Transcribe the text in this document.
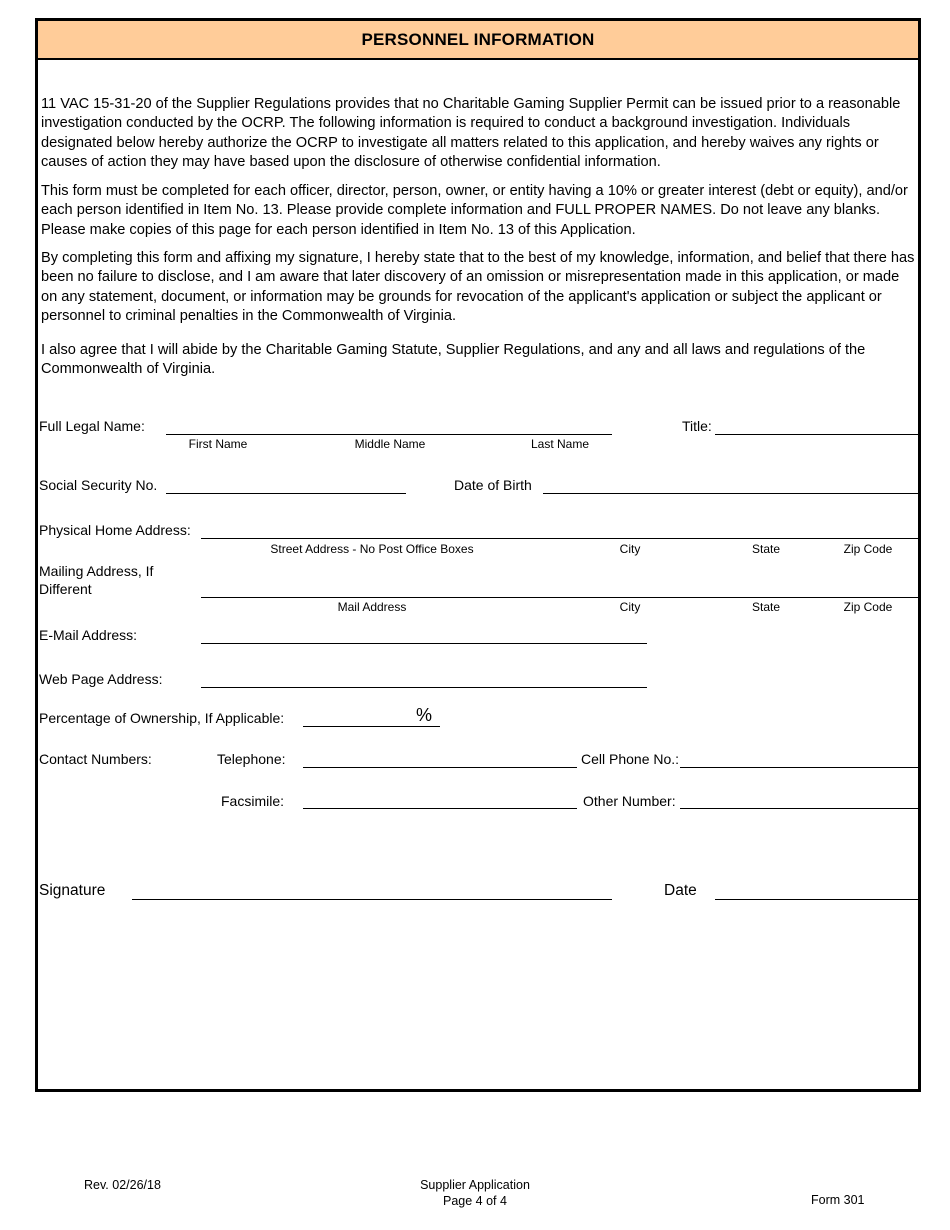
PERSONNEL INFORMATION

11 VAC 15-31-20 of the Supplier Regulations provides that no Charitable Gaming Supplier Permit can be issued prior to a reasonable investigation conducted by the OCRP. The following information is required to conduct a background investigation. Individuals designated below hereby authorize the OCRP to investigate all matters related to this application, and hereby waives any rights or causes of action they may have based upon the disclosure of otherwise confidential information.

This form must be completed for each officer, director, person, owner, or entity having a 10% or greater interest (debt or equity), and/or each person identified in Item No. 13. Please provide complete information and FULL PROPER NAMES. Do not leave any blanks. Please make copies of this page for each person identified in Item No. 13 of this Application.

By completing this form and affixing my signature, I hereby state that to the best of my knowledge, information, and belief that there has been no failure to disclose, and I am aware that later discovery of an omission or misrepresentation made in this application, or made on any statement, document, or information may be grounds for revocation of the applicant's application or subject the applicant or personnel to criminal penalties in the Commonwealth of Virginia.

I also agree that I will abide by the Charitable Gaming Statute, Supplier Regulations, and any and all laws and regulations of the Commonwealth of Virginia.

Full Legal Name:
First Name	Middle Name	Last Name
Title:
Social Security No.	Date of Birth
Physical Home Address:
Street Address - No Post Office Boxes	City	State	Zip Code
Mailing Address, If
Different
Mail Address	City	State	Zip Code
E-Mail Address:
Web Page Address:
Percentage of Ownership, If Applicable:	%
Contact Numbers:	Telephone:	Cell Phone No.:
Facsimile:	Other Number:
Signature	Date
Rev. 02/26/18	Supplier Application
Page 4 of 4	Form 301
